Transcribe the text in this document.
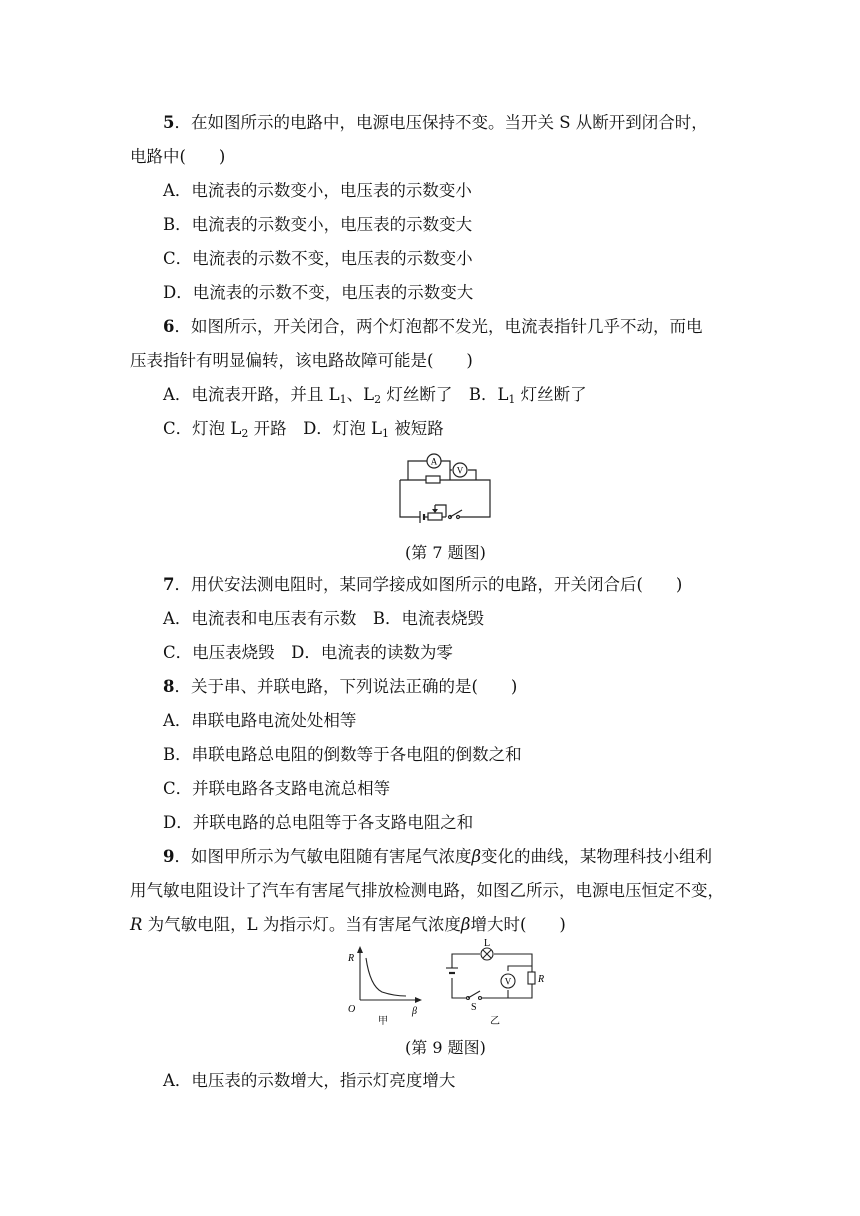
5．在如图所示的电路中，电源电压保持不变。当开关 S 从断开到闭合时，
电路中(　　)
A．电流表的示数变小，电压表的示数变小
B．电流表的示数变小，电压表的示数变大
C．电流表的示数不变，电压表的示数变小
D．电流表的示数不变，电压表的示数变大
6．如图所示，开关闭合，两个灯泡都不发光，电流表指针几乎不动，而电
压表指针有明显偏转，该电路故障可能是(　　)
A．电流表开路，并且 $L_1$、$L_2$ 灯丝断了　B．$L_1$ 灯丝断了
C．灯泡 $L_2$ 开路　D．灯泡 $L_1$ 被短路
A
V
(第 7 题图)
7．用伏安法测电阻时，某同学接成如图所示的电路，开关闭合后(　　)
A．电流表和电压表有示数　B．电流表烧毁
C．电压表烧毁　D．电流表的读数为零
8．关于串、并联电路，下列说法正确的是(　　)
A．串联电路电流处处相等
B．串联电路总电阻的倒数等于各电阻的倒数之和
C．并联电路各支路电流总相等
D．并联电路的总电阻等于各支路电阻之和
9．如图甲所示为气敏电阻随有害尾气浓度β变化的曲线，某物理科技小组利
用气敏电阻设计了汽车有害尾气排放检测电路，如图乙所示，电源电压恒定不变，
R 为气敏电阻，L 为指示灯。当有害尾气浓度β增大时(　　)
R
β
O
甲
V
L
R
S
乙
(第 9 题图)
A．电压表的示数增大，指示灯亮度增大
